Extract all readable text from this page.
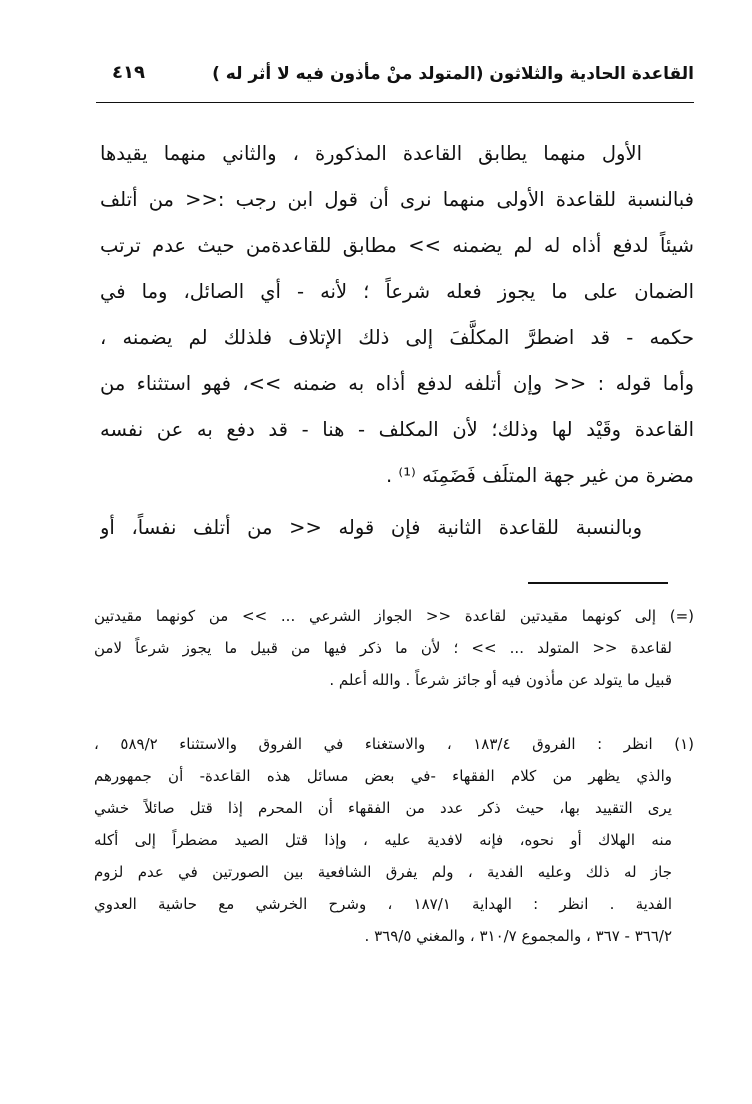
القاعدة الحادية والثلاثون (المتولد منْ مأذون فيه لا أثر له )
٤١٩
الأول منهما يطابق القاعدة المذكورة ، والثاني منهما يقيدها
فبالنسبة للقاعدة الأولى منهما نرى أن قول ابن رجب :<< من أتلف
شيئاً لدفع أذاه له لم يضمنه >> مطابق للقاعدةمن حيث عدم ترتب
الضمان على ما يجوز فعله شرعاً ؛ لأنه - أي الصائل، وما في
حكمه - قد اضطرَّ المكلَّفَ إلى ذلك الإتلاف فلذلك لم يضمنه ،
وأما قوله : << وإن أتلفه لدفع أذاه به ضمنه >>، فهو استثناء من
القاعدة وقَيْد لها وذلك؛ لأن المكلف - هنا - قد دفع به عن نفسه
مضرة من غير جهة المتلَف فَضَمِنَه ⁽¹⁾ .
وبالنسبة للقاعدة الثانية فإن قوله << من أتلف نفساً، أو
(=) إلى كونهما مقيدتين لقاعدة << الجواز الشرعي ... >> من كونهما مقيدتين
لقاعدة << المتولد ... >> ؛ لأن ما ذكر فيها من قبيل ما يجوز شرعاً لامن
قبيل ما يتولد عن مأذون فيه أو جائز شرعاً . والله أعلم .
(١) انظر : الفروق ١٨٣/٤ ، والاستغناء في الفروق والاستثناء ٥٨٩/٢ ،
والذي يظهر من كلام الفقهاء -في بعض مسائل هذه القاعدة- أن جمهورهم
يرى التقييد بها، حيث ذكر عدد من الفقهاء أن المحرم إذا قتل صائلاً خشي
منه الهلاك أو نحوه، فإنه لافدية عليه ، وإذا قتل الصيد مضطراً إلى أكله
جاز له ذلك وعليه الفدية ، ولم يفرق الشافعية بين الصورتين في عدم لزوم
الفدية . انظر : الهداية ١٨٧/١ ، وشرح الخرشي مع حاشية العدوي
٣٦٦/٢ - ٣٦٧ ، والمجموع ٣١٠/٧ ، والمغني ٣٦٩/٥ .
